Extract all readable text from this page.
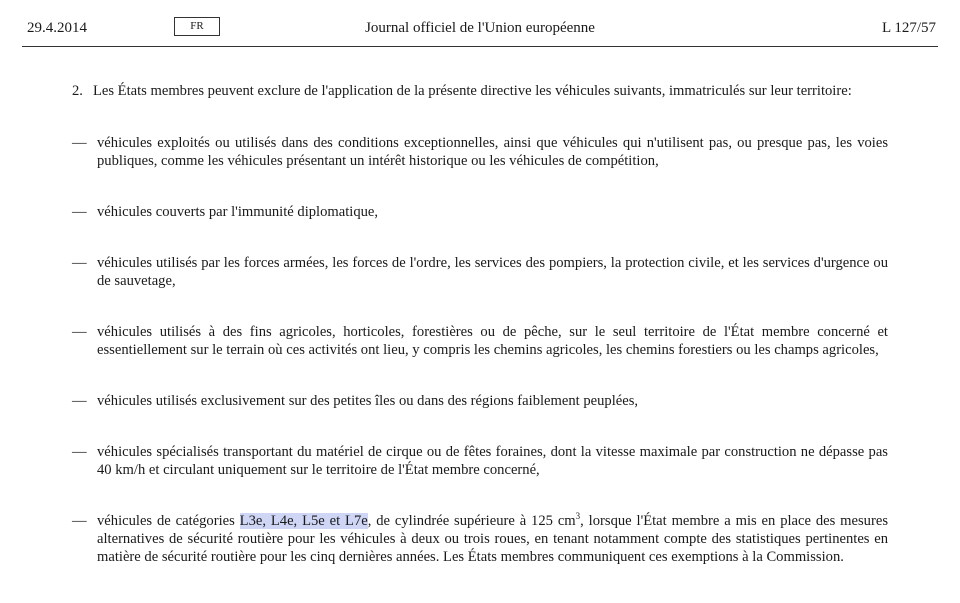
29.4.2014	FR	Journal officiel de l'Union européenne	L 127/57

2. Les États membres peuvent exclure de l'application de la présente directive les véhicules suivants, immatriculés sur leur territoire:

— véhicules exploités ou utilisés dans des conditions exceptionnelles, ainsi que véhicules qui n'utilisent pas, ou presque pas, les voies publiques, comme les véhicules présentant un intérêt historique ou les véhicules de compétition,
— véhicules couverts par l'immunité diplomatique,
— véhicules utilisés par les forces armées, les forces de l'ordre, les services des pompiers, la protection civile, et les services d'urgence ou de sauvetage,
— véhicules utilisés à des fins agricoles, horticoles, forestières ou de pêche, sur le seul territoire de l'État membre concerné et essentiellement sur le terrain où ces activités ont lieu, y compris les chemins agricoles, les chemins forestiers ou les champs agricoles,
— véhicules utilisés exclusivement sur des petites îles ou dans des régions faiblement peuplées,
— véhicules spécialisés transportant du matériel de cirque ou de fêtes foraines, dont la vitesse maximale par construction ne dépasse pas 40 km/h et circulant uniquement sur le territoire de l'État membre concerné,
— véhicules de catégories L3e, L4e, L5e et L7e, de cylindrée supérieure à 125 $cm^3$, lorsque l'État membre a mis en place des mesures alternatives de sécurité routière pour les véhicules à deux ou trois roues, en tenant notamment compte des statistiques pertinentes en matière de sécurité routière pour les cinq dernières années. Les États membres communiquent ces exemptions à la Commission.
